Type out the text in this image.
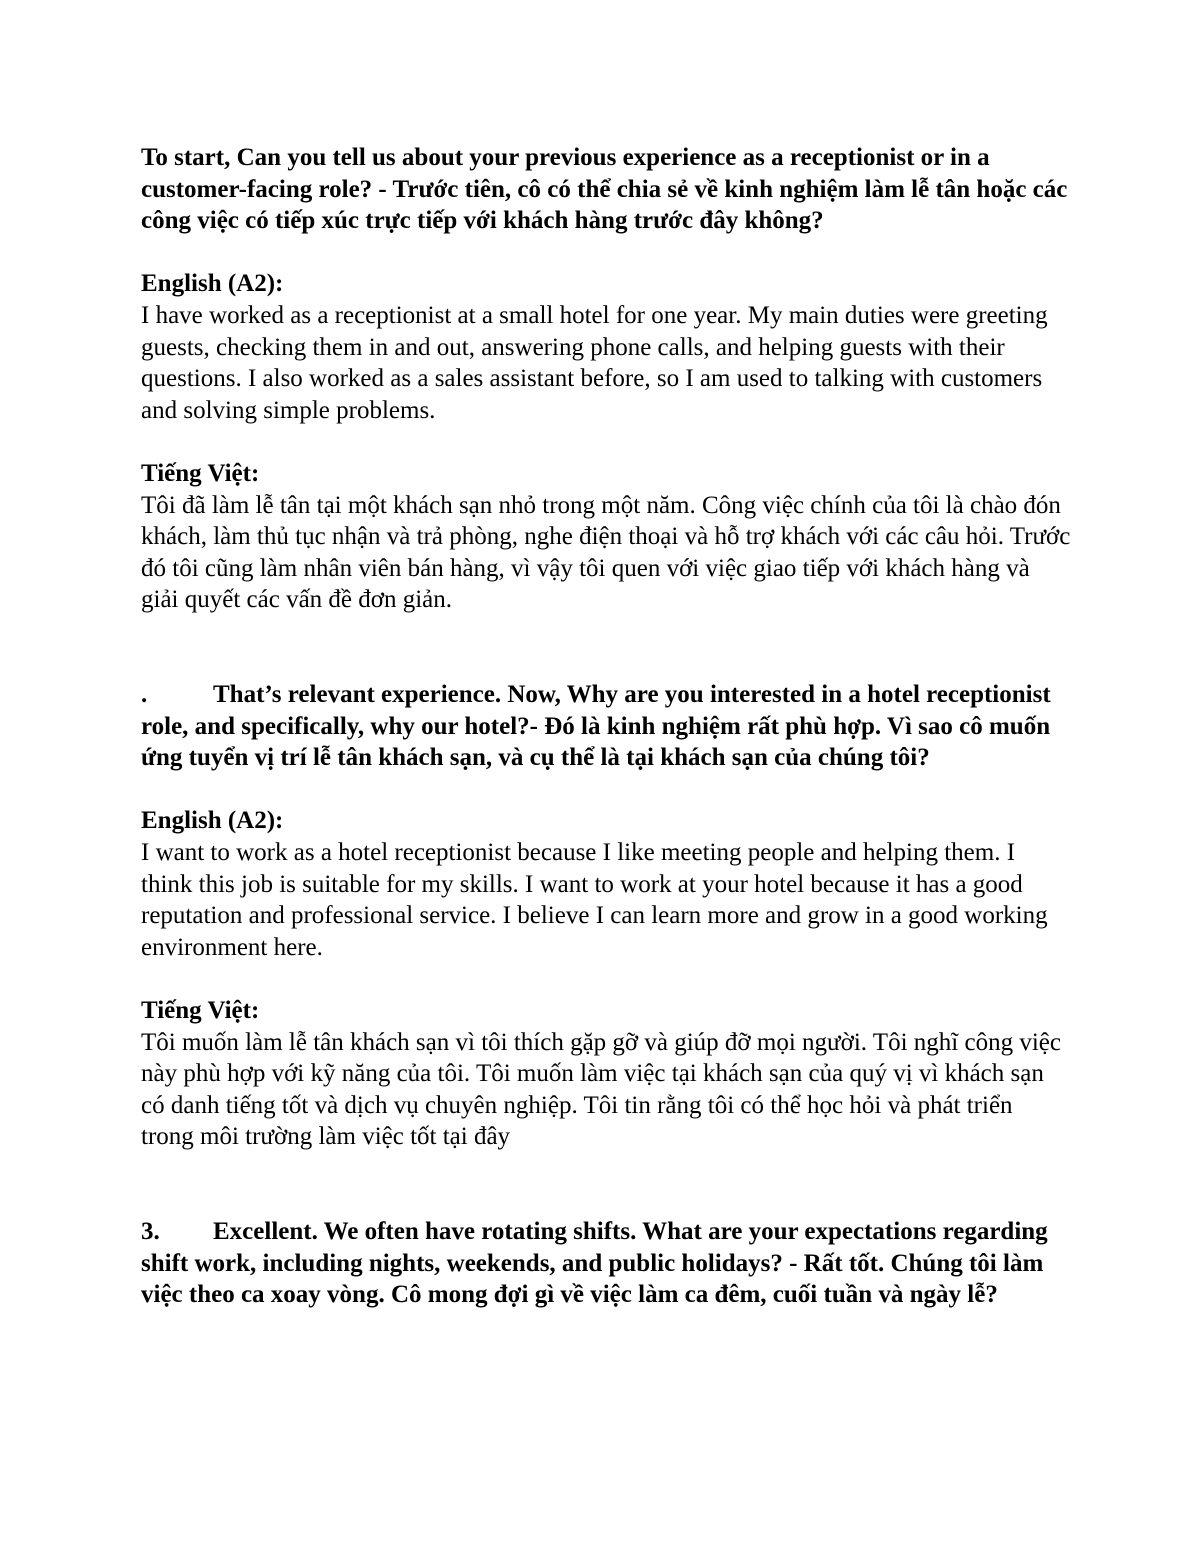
To start, Can you tell us about your previous experience as a receptionist or in a customer-facing role? - Trước tiên, cô có thể chia sẻ về kinh nghiệm làm lễ tân hoặc các công việc có tiếp xúc trực tiếp với khách hàng trước đây không?

English (A2):

I have worked as a receptionist at a small hotel for one year. My main duties were greeting guests, checking them in and out, answering phone calls, and helping guests with their questions. I also worked as a sales assistant before, so I am used to talking with customers and solving simple problems.

Tiếng Việt:

Tôi đã làm lễ tân tại một khách sạn nhỏ trong một năm. Công việc chính của tôi là chào đón khách, làm thủ tục nhận và trả phòng, nghe điện thoại và hỗ trợ khách với các câu hỏi. Trước đó tôi cũng làm nhân viên bán hàng, vì vậy tôi quen với việc giao tiếp với khách hàng và giải quyết các vấn đề đơn giản.

.	That’s relevant experience. Now, Why are you interested in a hotel receptionist role, and specifically, why our hotel?- Đó là kinh nghiệm rất phù hợp. Vì sao cô muốn ứng tuyển vị trí lễ tân khách sạn, và cụ thể là tại khách sạn của chúng tôi?

English (A2):

I want to work as a hotel receptionist because I like meeting people and helping them. I think this job is suitable for my skills. I want to work at your hotel because it has a good reputation and professional service. I believe I can learn more and grow in a good working environment here.

Tiếng Việt:

Tôi muốn làm lễ tân khách sạn vì tôi thích gặp gỡ và giúp đỡ mọi người. Tôi nghĩ công việc này phù hợp với kỹ năng của tôi. Tôi muốn làm việc tại khách sạn của quý vị vì khách sạn có danh tiếng tốt và dịch vụ chuyên nghiệp. Tôi tin rằng tôi có thể học hỏi và phát triển trong môi trường làm việc tốt tại đây

3. Excellent. We often have rotating shifts. What are your expectations regarding shift work, including nights, weekends, and public holidays? - Rất tốt. Chúng tôi làm việc theo ca xoay vòng. Cô mong đợi gì về việc làm ca đêm, cuối tuần và ngày lễ?
